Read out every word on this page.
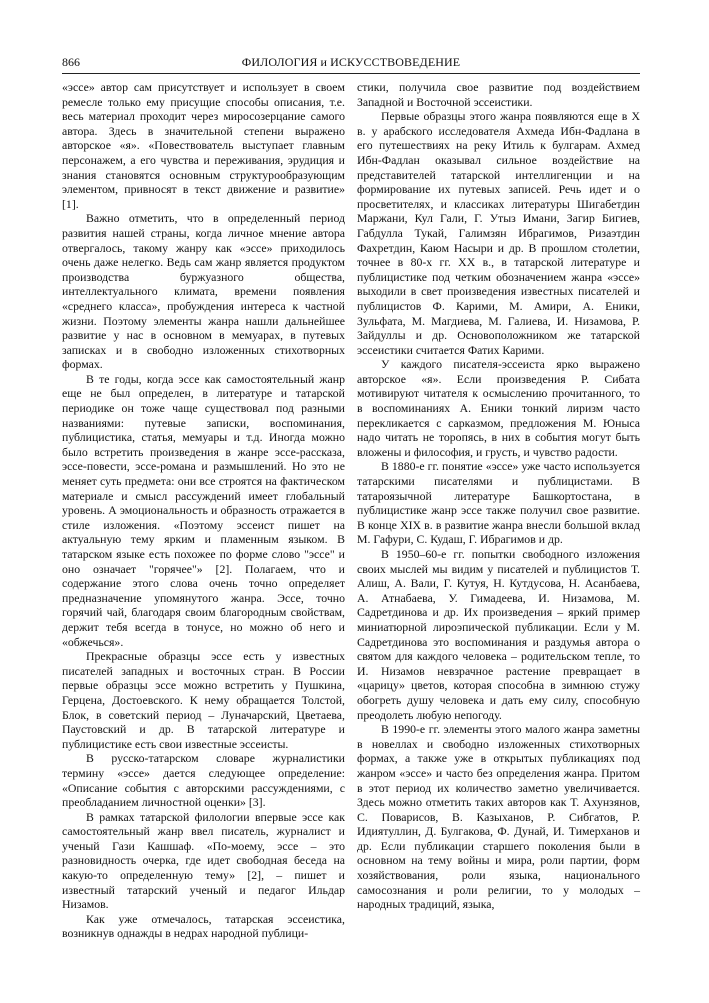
866	ФИЛОЛОГИЯ и ИСКУССТВОВЕДЕНИЕ

«эссе» автор сам присутствует и использует в своем ремесле только ему присущие способы описания, т.е. весь материал проходит через миросозерцание самого автора. Здесь в значительной степени выражено авторское «я». «Повествователь выступает главным персонажем, а его чувства и переживания, эрудиция и знания становятся основным структурообразующим элементом, привносят в текст движение и развитие» [1].

Важно отметить, что в определенный период развития нашей страны, когда личное мнение автора отвергалось, такому жанру как «эссе» приходилось очень даже нелегко. Ведь сам жанр является продуктом производства буржуазного общества, интеллектуального климата, времени появления «среднего класса», пробуждения интереса к частной жизни. Поэтому элементы жанра нашли дальнейшее развитие у нас в основном в мемуарах, в путевых записках и в свободно изложенных стихотворных формах.

В те годы, когда эссе как самостоятельный жанр еще не был определен, в литературе и татарской периодике он тоже чаще существовал под разными названиями: путевые записки, воспоминания, публицистика, статья, мемуары и т.д. Иногда можно было встретить произведения в жанре эссе-рассказа, эссе-повести, эссе-романа и размышлений. Но это не меняет суть предмета: они все строятся на фактическом материале и смысл рассуждений имеет глобальный уровень. А эмоциональность и образность отражается в стиле изложения. «Поэтому эссеист пишет на актуальную тему ярким и пламенным языком. В татарском языке есть похожее по форме слово "эссе" и оно означает "горячее"» [2]. Полагаем, что и содержание этого слова очень точно определяет предназначение упомянутого жанра. Эссе, точно горячий чай, благодаря своим благородным свойствам, держит тебя всегда в тонусе, но можно об него и «обжечься».

Прекрасные образцы эссе есть у известных писателей западных и восточных стран. В России первые образцы эссе можно встретить у Пушкина, Герцена, Достоевского. К нему обращается Толстой, Блок, в советский период – Луначарский, Цветаева, Паустовский и др. В татарской литературе и публицистике есть свои известные эссеисты.

В русско-татарском словаре журналистики термину «эссе» дается следующее определение: «Описание события с авторскими рассуждениями, с преобладанием личностной оценки» [3].

В рамках татарской филологии впервые эссе как самостоятельный жанр ввел писатель, журналист и ученый Гази Кашшаф. «По-моему, эссе – это разновидность очерка, где идет свободная беседа на какую-то определенную тему» [2], – пишет и известный татарский ученый и педагог Ильдар Низамов.

Как уже отмечалось, татарская эссеистика, возникнув однажды в недрах народной публици-

стики, получила свое развитие под воздействием Западной и Восточной эссеистики.

Первые образцы этого жанра появляются еще в X в. у арабского исследователя Ахмеда Ибн-Фадлана в его путешествиях на реку Итиль к булгарам. Ахмед Ибн-Фадлан оказывал сильное воздействие на представителей татарской интеллигенции и на формирование их путевых записей. Речь идет и о просветителях, и классиках литературы Шигабетдин Маржани, Кул Гали, Г. Утыз Имани, Загир Бигиев, Габдулла Тукай, Галимзян Ибрагимов, Ризаэтдин Фахретдин, Каюм Насыри и др. В прошлом столетии, точнее в 80-х гг. XX в., в татарской литературе и публицистике под четким обозначением жанра «эссе» выходили в свет произведения известных писателей и публицистов Ф. Карими, М. Амири, А. Еники, Зульфата, М. Магдиева, М. Галиева, И. Низамова, Р. Зайдуллы и др. Основоположником же татарской эссеистики считается Фатих Карими.

У каждого писателя-эссеиста ярко выражено авторское «я». Если произведения Р. Сибата мотивируют читателя к осмыслению прочитанного, то в воспоминаниях А. Еники тонкий лиризм часто перекликается с сарказмом, предложения М. Юныса надо читать не торопясь, в них в события могут быть вложены и философия, и грусть, и чувство радости.

В 1880-е гг. понятие «эссе» уже часто используется татарскими писателями и публицистами. В татароязычной литературе Башкортостана, в публицистике жанр эссе также получил свое развитие. В конце XIX в. в развитие жанра внесли большой вклад М. Гафури, С. Кудаш, Г. Ибрагимов и др.

В 1950–60-е гг. попытки свободного изложения своих мыслей мы видим у писателей и публицистов Т. Алиш, А. Вали, Г. Кутуя, Н. Кутдусова, Н. Асанбаева, А. Атнабаева, У. Гимадеева, И. Низамова, М. Садретдинова и др. Их произведения – яркий пример миниатюрной лироэпической публикации. Если у М. Садретдинова это воспоминания и раздумья автора о святом для каждого человека – родительском тепле, то И. Низамов невзрачное растение превращает в «царицу» цветов, которая способна в зимнюю стужу обогреть душу человека и дать ему силу, способную преодолеть любую непогоду.

В 1990-е гг. элементы этого малого жанра заметны в новеллах и свободно изложенных стихотворных формах, а также уже в открытых публикациях под жанром «эссе» и часто без определения жанра. Притом в этот период их количество заметно увеличивается. Здесь можно отметить таких авторов как Т. Ахунзянов, С. Поварисов, В. Казыханов, Р. Сибгатов, Р. Идиятуллин, Д. Булгакова, Ф. Дунай, И. Тимерханов и др. Если публикации старшего поколения были в основном на тему войны и мира, роли партии, форм хозяйствования, роли языка, национального самосознания и роли религии, то у молодых – народных традиций, языка,
